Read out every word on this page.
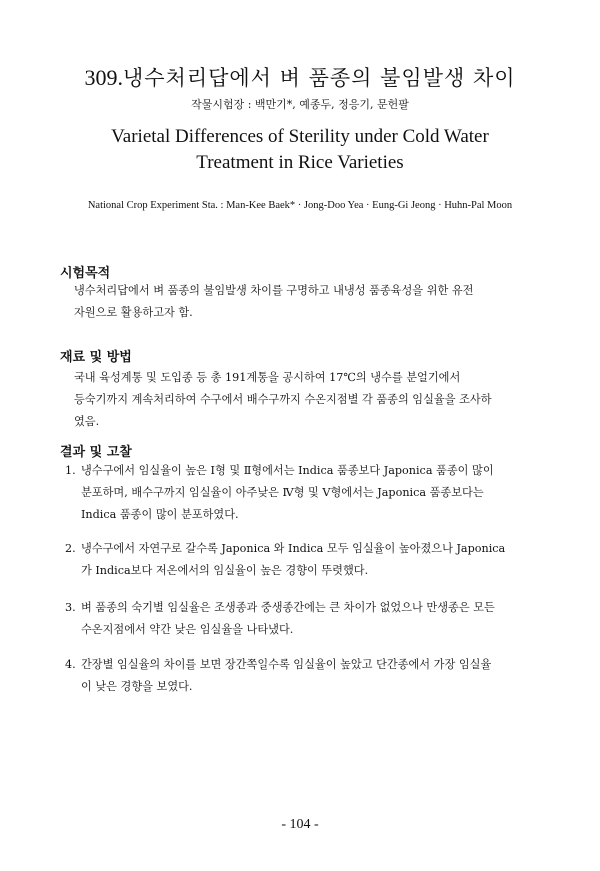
309.냉수처리답에서 벼 품종의 불임발생 차이
작물시험장 : 백만기*, 예종두, 정응기, 문헌팔
Varietal Differences of Sterility under Cold Water
Treatment in Rice Varieties
National Crop Experiment Sta. : Man-Kee Baek* · Jong-Doo Yea · Eung-Gi Jeong · Huhn-Pal Moon
시험목적
냉수처리답에서 벼 품종의 불임발생 차이를 구명하고 내냉성 품종육성을 위한 유전
자원으로 활용하고자 함.
재료 및 방법
국내 육성계통 및 도입종 등 총 191계통을 공시하여 17℃의 냉수를 분얼기에서
등숙기까지 계속처리하여 수구에서 배수구까지 수온지점별 각 품종의 임실율을 조사하
였음.
결과 및 고찰
1. 냉수구에서 임실율이 높은 Ⅰ형 및 Ⅱ형에서는 Indica 품종보다 Japonica 품종이 많이
분포하며, 배수구까지 임실율이 아주낮은 Ⅳ형 및 Ⅴ형에서는 Japonica 품종보다는
Indica 품종이 많이 분포하였다.
2. 냉수구에서 자연구로 갈수록 Japonica 와 Indica 모두 임실율이 높아졌으나 Japonica
가 Indica보다 저온에서의 임실율이 높은 경향이 뚜렷했다.
3. 벼 품종의 숙기별 임실율은 조생종과 중생종간에는 큰 차이가 없었으나 만생종은 모든
수온지점에서 약간 낮은 임실율을 나타냈다.
4. 간장별 임실율의 차이를 보면 장간쪽일수록 임실율이 높았고 단간종에서 가장 임실율
이 낮은 경향을 보였다.
- 104 -
